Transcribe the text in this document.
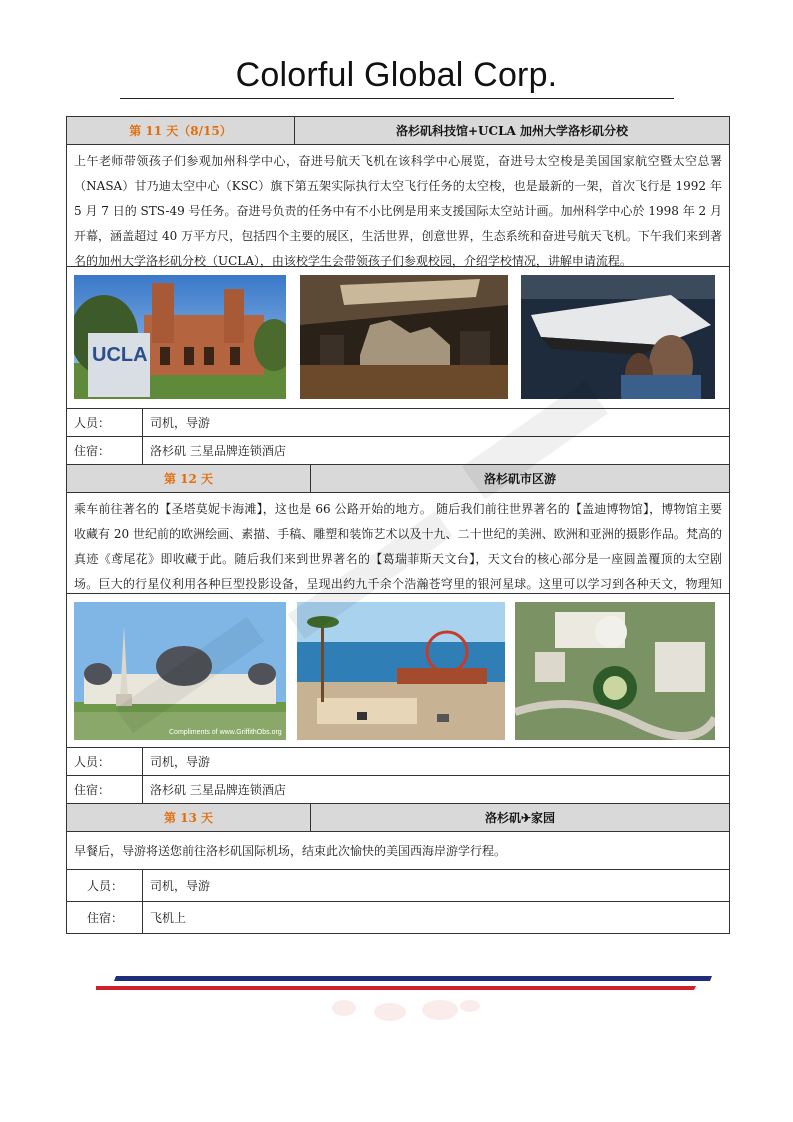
Colorful Global Corp.
第 11 天（8/15）	洛杉矶科技馆+UCLA 加州大学洛杉矶分校

上午老师带领孩子们参观加州科学中心，奋进号航天飞机在该科学中心展览，奋进号太空梭是美国国家航空暨太空总署（NASA）甘乃迪太空中心（KSC）旗下第五架实际执行太空飞行任务的太空梭，也是最新的一架，首次飞行是 1992 年 5 月 7 日的 STS-49 号任务。奋进号负责的任务中有不小比例是用来支援国际太空站计画。加州科学中心於 1998 年 2 月开幕，涵盖超过 40 万平方尺，包括四个主要的展区，生活世界，创意世界，生态系统和奋进号航天飞机。下午我们来到著名的加州大学洛杉矶分校（UCLA），由该校学生会带领孩子们参观校园，介绍学校情况，讲解申请流程。

UCLA
人员：	司机，导游
住宿：	洛杉矶 三星品牌连锁酒店
第 12 天	洛杉矶市区游

乘车前往著名的【圣塔莫妮卡海滩】，这也是 66 公路开始的地方。 随后我们前往世界著名的【盖迪博物馆】，博物馆主要收藏有 20 世纪前的欧洲绘画、素描、手稿、雕塑和装饰艺术以及十九、二十世纪的美洲、欧洲和亚洲的摄影作品。梵高的真迹《鸢尾花》即收藏于此。随后我们来到世界著名的【葛瑞菲斯天文台】，天文台的核心部分是一座圆盖覆顶的太空剧场。巨大的行星仪利用各种巨型投影设备，呈现出约九千余个浩瀚苍穹里的银河星球。这里可以学习到各种天文，物理知

Compliments of www.GriffithObs.org
人员：	司机，导游
住宿：	洛杉矶 三星品牌连锁酒店
第 13 天	洛杉矶✈家园

早餐后，导游将送您前往洛杉矶国际机场，结束此次愉快的美国西海岸游学行程。

人员：	司机，导游
住宿：	飞机上
